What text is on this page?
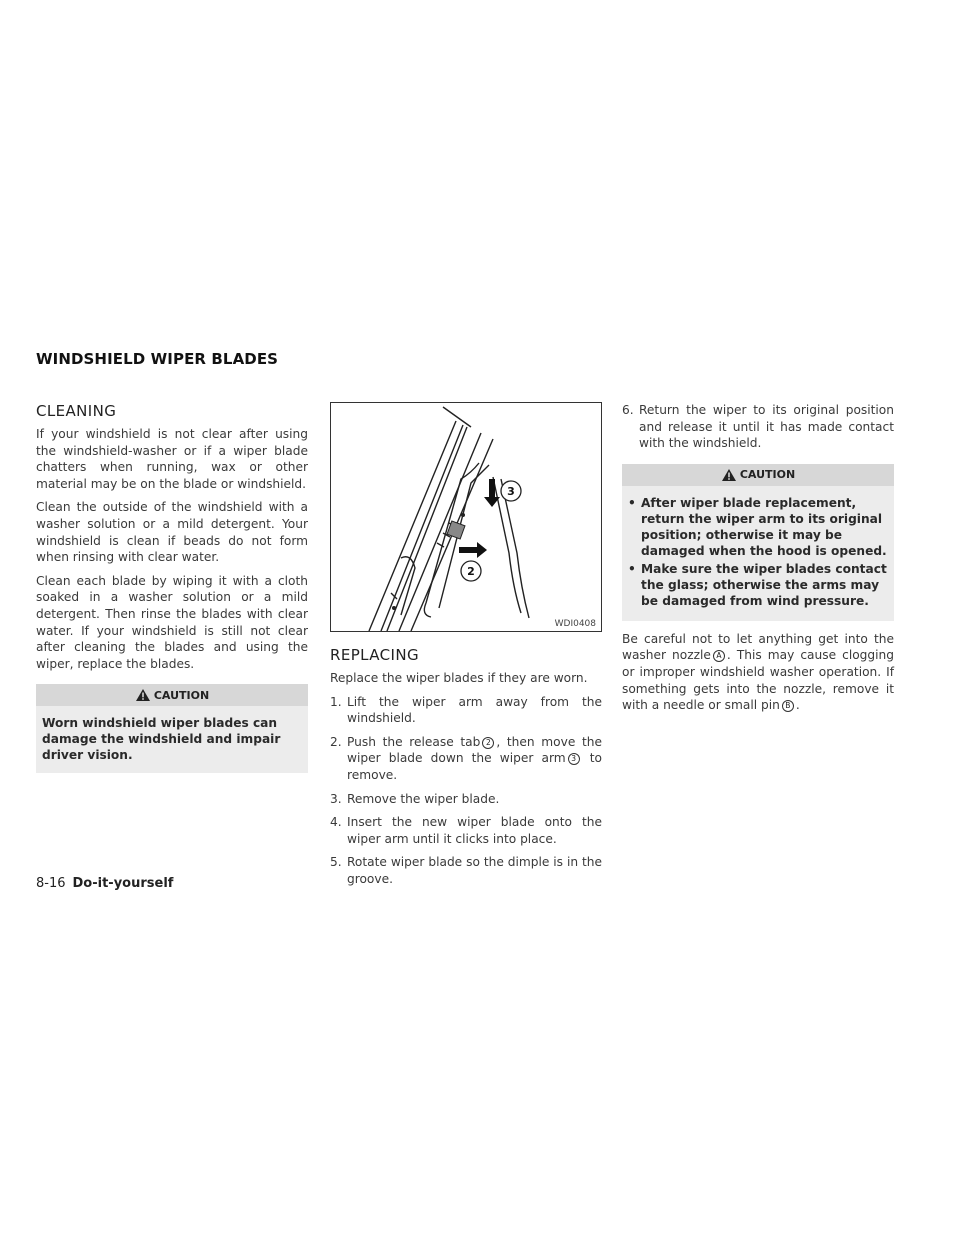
WINDSHIELD WIPER BLADES
CLEANING

If your windshield is not clear after using the windshield-washer or if a wiper blade chatters when running, wax or other material may be on the blade or windshield.

Clean the outside of the windshield with a washer solution or a mild detergent. Your windshield is clean if beads do not form when rinsing with clear water.

Clean each blade by wiping it with a cloth soaked in a washer solution or a mild detergent. Then rinse the blades with clear water. If your windshield is still not clear after cleaning the blades and using the wiper, replace the blades.

CAUTION
Worn windshield wiper blades can damage the windshield and impair driver vision.
3
2
WDI0408
REPLACING

Replace the wiper blades if they are worn.

1. Lift the wiper arm away from the windshield.
2. Push the release tab 2 , then move the wiper blade down the wiper arm 3 to remove.
3. Remove the wiper blade.
4. Insert the new wiper blade onto the wiper arm until it clicks into place.
5. Rotate wiper blade so the dimple is in the groove.
6. Return the wiper to its original position and release it until it has made contact with the windshield.
CAUTION
• After wiper blade replacement, return the wiper arm to its original position; otherwise it may be damaged when the hood is opened.
• Make sure the wiper blades contact the glass; otherwise the arms may be damaged from wind pressure.

Be careful not to let anything get into the washer nozzle A . This may cause clogging or improper windshield washer operation. If something gets into the nozzle, remove it with a needle or small pin B .

8-16 Do-it-yourself
